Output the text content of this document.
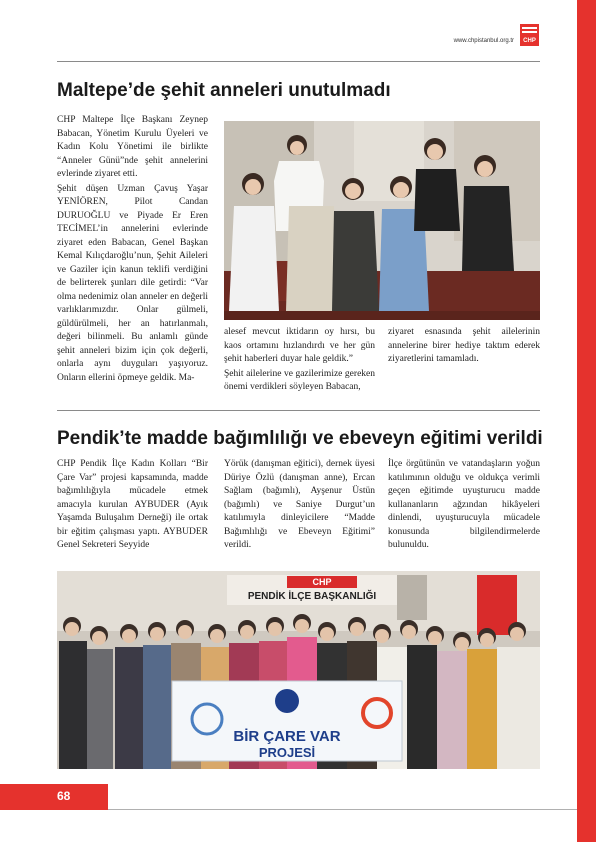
CHP
www.chpistanbul.org.tr
Maltepe’de şehit anneleri unutulmadı

CHP Maltepe İlçe Başkanı Zeynep Babacan, Yönetim Kurulu Üyeleri ve Kadın Kolu Yönetimi ile birlikte “Anneler Günü”nde şehit annelerini evlerinde ziyaret etti.

Şehit düşen Uzman Çavuş Yaşar YENİÖREN, Pilot Candan DURUOĞLU ve Piyade Er Eren TECİMEL’in annelerini evlerinde ziyaret eden Babacan, Genel Başkan Kemal Kılıçdaroğlu’nun, Şehit Aileleri ve Gaziler için kanun teklifi verdiğini de belirterek şunları dile getirdi: “Var olma nedenimiz olan anneler en değerli varlıklarımızdır. Onlar gülmeli, güldürülmeli, her an hatırlanmalı, değeri bilinmeli. Bu anlamlı günde şehit anneleri bizim için çok değerli, onlarla aynı duyguları yaşıyoruz. Onların ellerini öpmeye geldik. Ma-

alesef mevcut iktidarın oy hırsı, bu kaos ortamını hızlandırdı ve her gün şehit haberleri duyar hale geldik.”

Şehit ailelerine ve gazilerimize gereken önemi verdikleri söyleyen Babacan,

ziyaret esnasında şehit ailelerinin annelerine birer hediye taktım ederek ziyaretlerini tamamladı.

Pendik’te madde bağımlılığı ve ebeveyn eğitimi verildi

CHP Pendik İlçe Kadın Kolları “Bir Çare Var” projesi kapsamında, madde bağımlılığıyla mücadele etmek amacıyla kurulan AYBUDER (Ayık Yaşamda Buluşalım Derneği) ile ortak bir eğitim çalışması yaptı. AYBUDER Genel Sekreteri Seyyide

Yörük (danışman eğitici), dernek üyesi Düriye Özlü (danışman anne), Ercan Sağlam (bağımlı), Ayşenur Üstün (bağımlı) ve Saniye Durgut’un katılımıyla dinleyicilere “Madde Bağımlılığı ve Ebeveyn Eğitimi” verildi.

İlçe örgütünün ve vatandaşların yoğun katılımının olduğu ve oldukça verimli geçen eğitimde uyuşturucu madde kullananların ağzından hikâyeleri dinlendi, uyuşturucuyla mücadele konusunda bilgilendirmelerde bulunuldu.

CHP
PENDİK İLÇE BAŞKANLIĞI
BİR ÇARE VAR
PROJESİ
68
